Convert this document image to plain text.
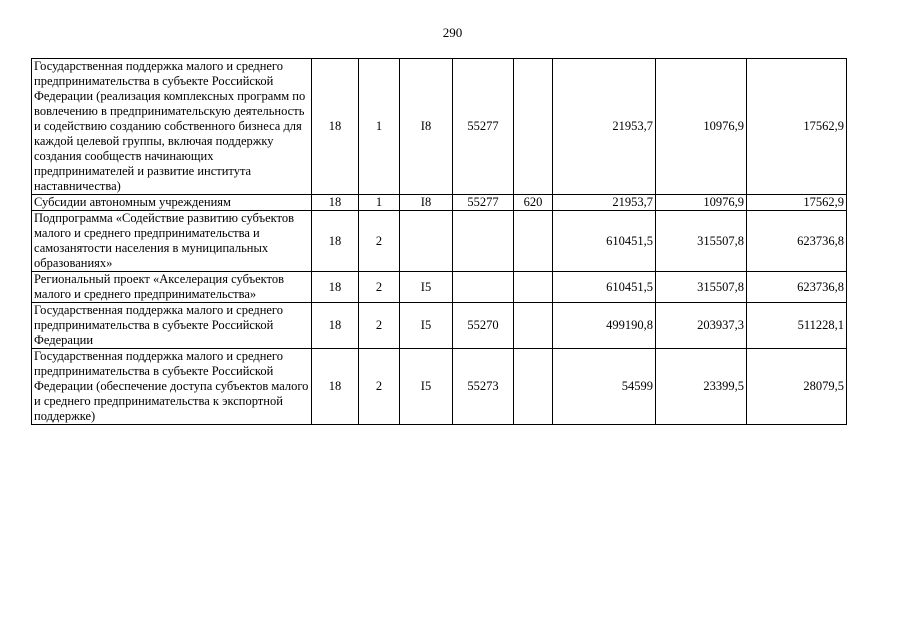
290
Государственная поддержка малого и среднего предпринимательства в субъекте Российской Федерации (реализация комплексных программ по вовлечению в предпринимательскую деятельность и содействию созданию собственного бизнеса для каждой целевой группы, включая поддержку создания сообществ начинающих предпринимателей и развитие института наставничества)	18	1	I8	55277		21953,7	10976,9	17562,9
Субсидии автономным учреждениям	18	1	I8	55277	620	21953,7	10976,9	17562,9
Подпрограмма «Содействие развитию субъектов малого и среднего предпринимательства и самозанятости населения в муниципальных образованиях»	18	2				610451,5	315507,8	623736,8
Региональный проект «Акселерация субъектов малого и среднего предпринимательства»	18	2	I5			610451,5	315507,8	623736,8
Государственная поддержка малого и среднего предпринимательства в субъекте Российской Федерации	18	2	I5	55270		499190,8	203937,3	511228,1
Государственная поддержка малого и среднего предпринимательства в субъекте Российской Федерации (обеспечение доступа субъектов малого и среднего предпринимательства к экспортной поддержке)	18	2	I5	55273		54599	23399,5	28079,5
